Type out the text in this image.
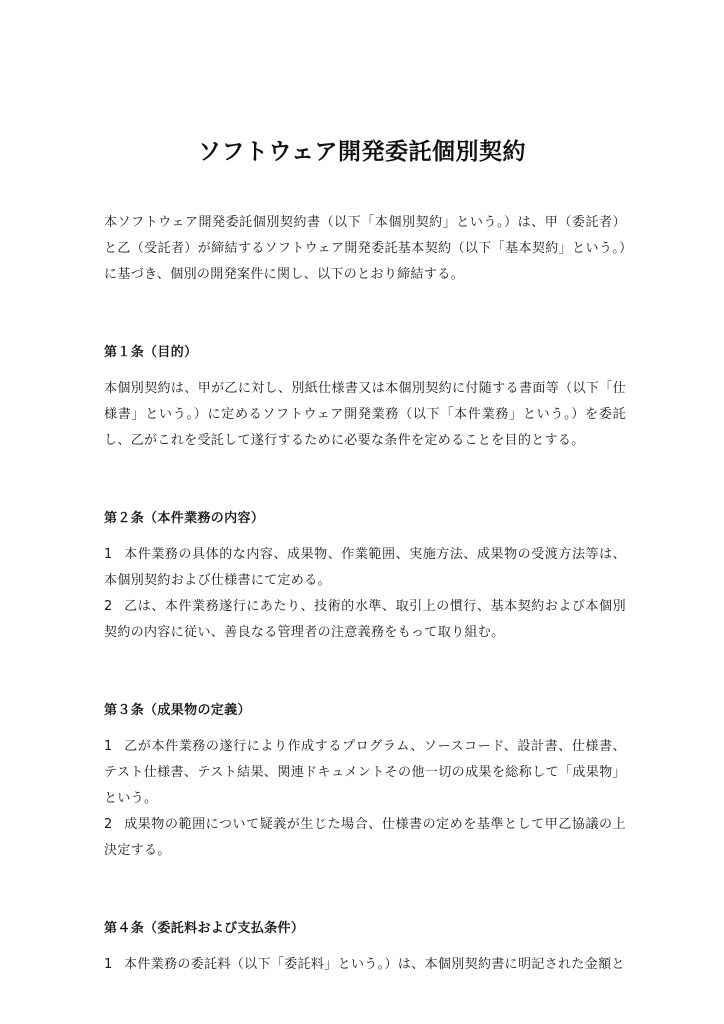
ソフトウェア開発委託個別契約

本ソフトウェア開発委託個別契約書（以下「本個別契約」という。）は、甲（委託者）と乙（受託者）が締結するソフトウェア開発委託基本契約（以下「基本契約」という。）に基づき、個別の開発案件に関し、以下のとおり締結する。

第１条（目的）

本個別契約は、甲が乙に対し、別紙仕様書又は本個別契約に付随する書面等（以下「仕様書」という。）に定めるソフトウェア開発業務（以下「本件業務」という。）を委託し、乙がこれを受託して遂行するために必要な条件を定めることを目的とする。

第２条（本件業務の内容）

1 本件業務の具体的な内容、成果物、作業範囲、実施方法、成果物の受渡方法等は、本個別契約および仕様書にて定める。

2 乙は、本件業務遂行にあたり、技術的水準、取引上の慣行、基本契約および本個別契約の内容に従い、善良なる管理者の注意義務をもって取り組む。

第３条（成果物の定義）

1 乙が本件業務の遂行により作成するプログラム、ソースコード、設計書、仕様書、テスト仕様書、テスト結果、関連ドキュメントその他一切の成果を総称して「成果物」という。

2 成果物の範囲について疑義が生じた場合、仕様書の定めを基準として甲乙協議の上決定する。

第４条（委託料および支払条件）

1 本件業務の委託料（以下「委託料」という。）は、本個別契約書に明記された金額と
